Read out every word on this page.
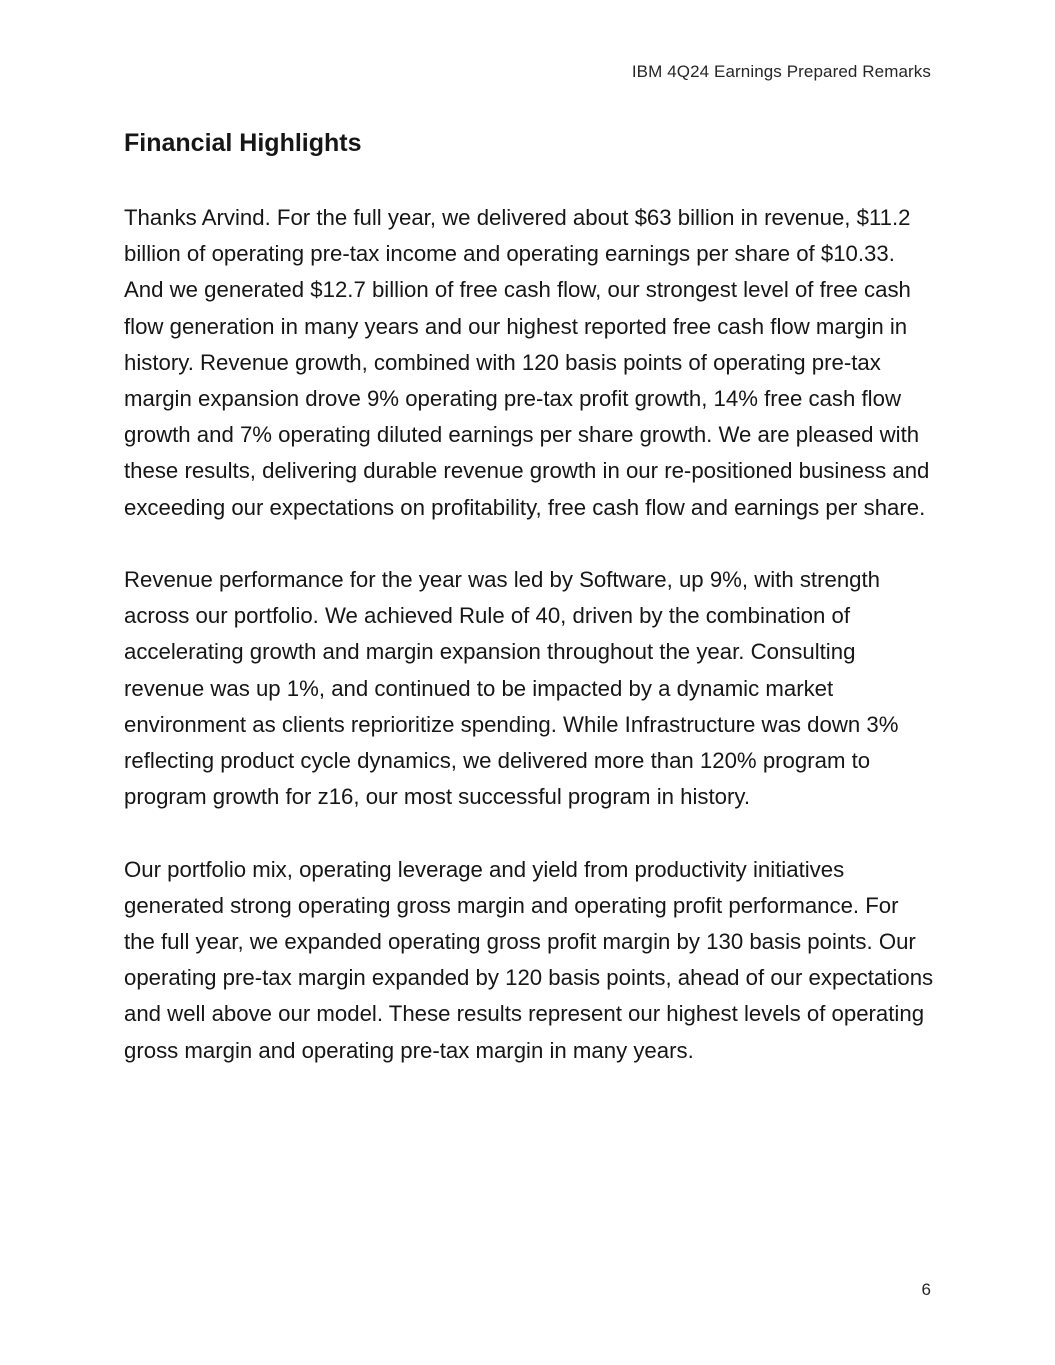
IBM 4Q24 Earnings Prepared Remarks
Financial Highlights

Thanks Arvind. For the full year, we delivered about $63 billion in revenue, $11.2 billion of operating pre-tax income and operating earnings per share of $10.33. And we generated $12.7 billion of free cash flow, our strongest level of free cash flow generation in many years and our highest reported free cash flow margin in history. Revenue growth, combined with 120 basis points of operating pre-tax margin expansion drove 9% operating pre-tax profit growth, 14% free cash flow growth and 7% operating diluted earnings per share growth. We are pleased with these results, delivering durable revenue growth in our re-positioned business and exceeding our expectations on profitability, free cash flow and earnings per share.

Revenue performance for the year was led by Software, up 9%, with strength across our portfolio. We achieved Rule of 40, driven by the combination of accelerating growth and margin expansion throughout the year. Consulting revenue was up 1%, and continued to be impacted by a dynamic market environment as clients reprioritize spending. While Infrastructure was down 3% reflecting product cycle dynamics, we delivered more than 120% program to program growth for z16, our most successful program in history.

Our portfolio mix, operating leverage and yield from productivity initiatives generated strong operating gross margin and operating profit performance. For the full year, we expanded operating gross profit margin by 130 basis points. Our operating pre-tax margin expanded by 120 basis points, ahead of our expectations and well above our model. These results represent our highest levels of operating gross margin and operating pre-tax margin in many years.

6
